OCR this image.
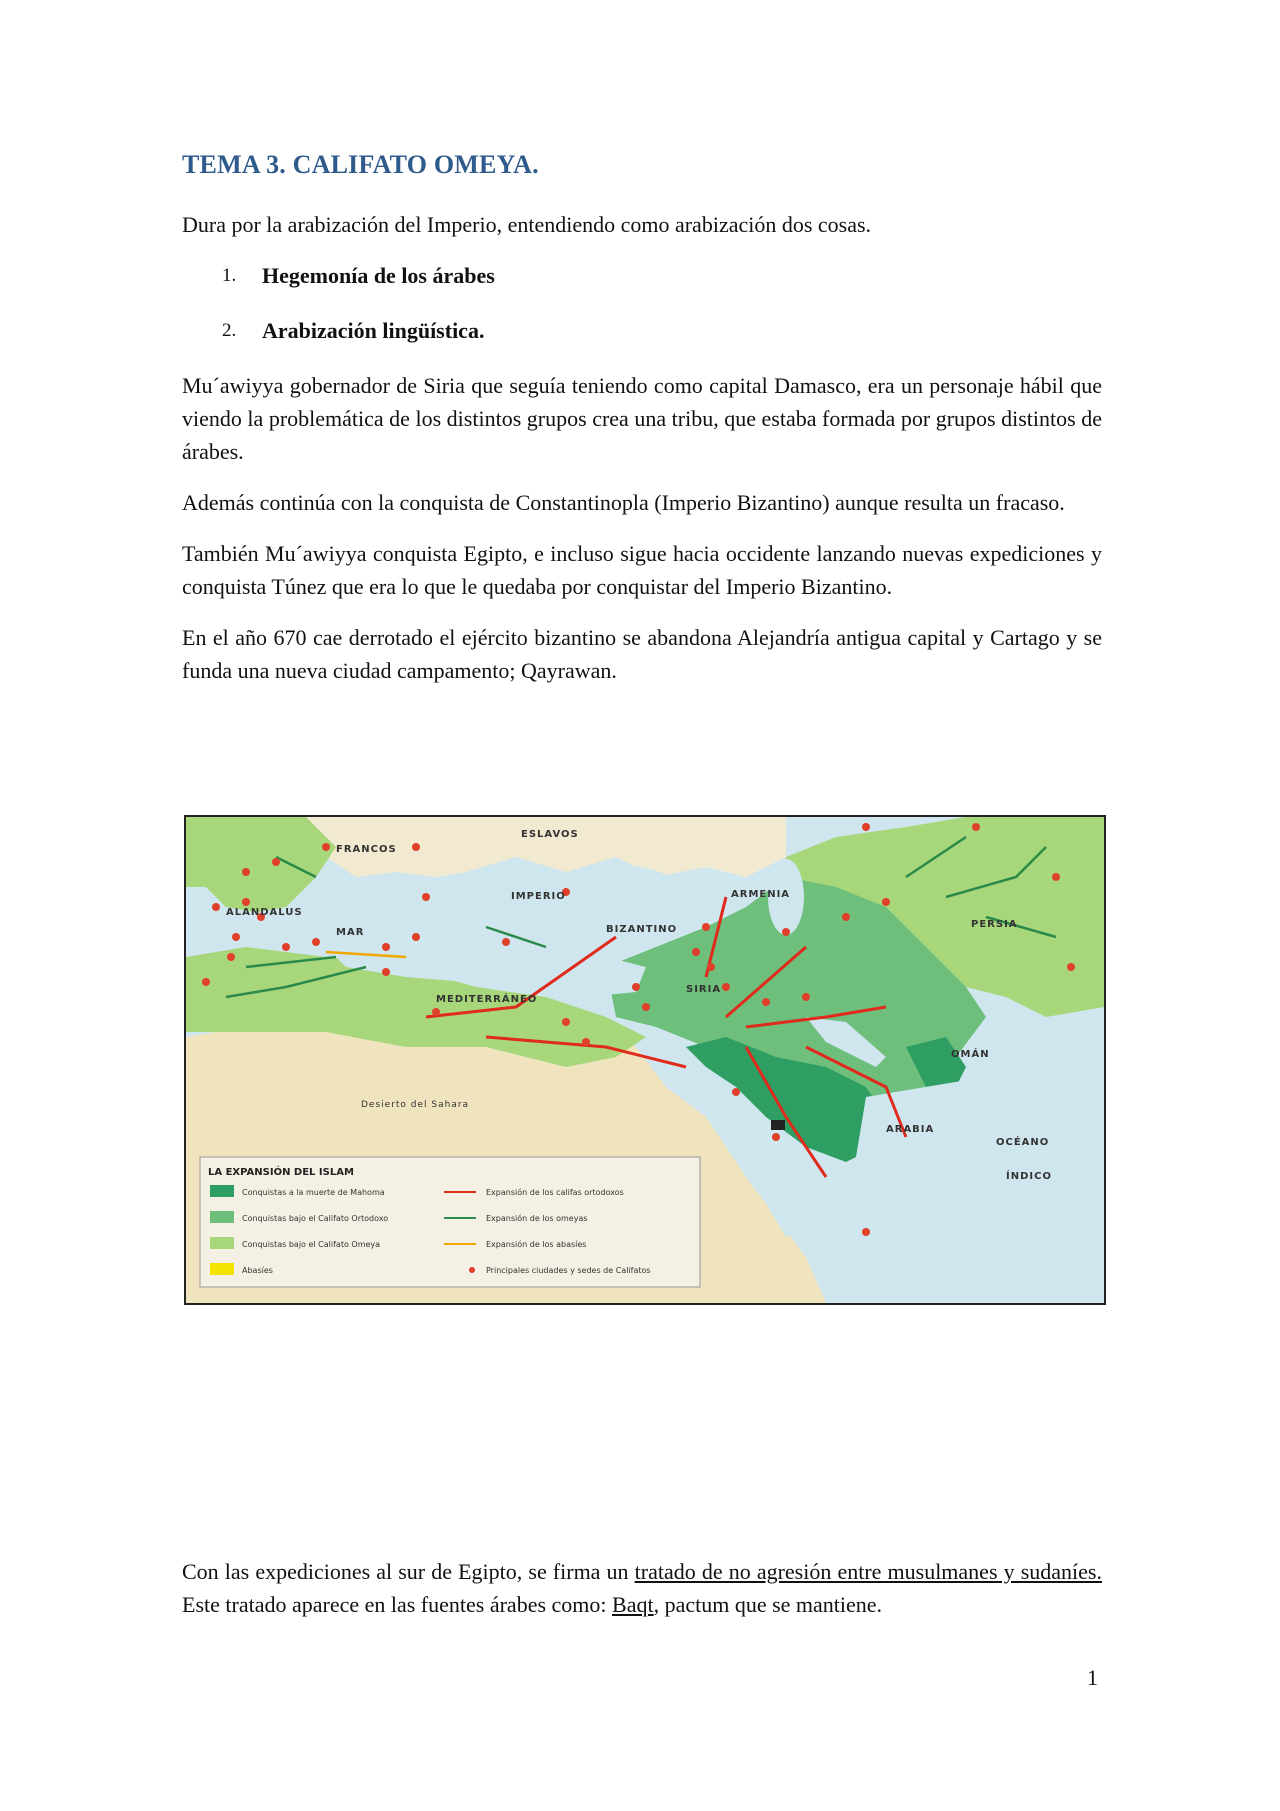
TEMA 3. CALIFATO OMEYA.

Dura por la arabización del Imperio, entendiendo como arabización dos cosas.

1.	Hegemonía de los árabes
2.	Arabización lingüística.

Mu´awiyya gobernador de Siria que seguía teniendo como capital Damasco, era un personaje hábil que viendo la problemática de los distintos grupos crea una tribu, que estaba formada por grupos distintos de árabes.

Además continúa con la conquista de Constantinopla (Imperio Bizantino) aunque resulta un fracaso.

También Mu´awiyya conquista Egipto, e incluso sigue hacia occidente lanzando nuevas expediciones y conquista Túnez que era lo que le quedaba por conquistar del Imperio Bizantino.

En el año 670 cae derrotado el ejército bizantino se abandona Alejandría antigua capital y Cartago y se funda una nueva ciudad campamento; Qayrawan.

FRANCOS
ESLAVOS
IMPERIO
BIZANTINO
ARMENIA
PERSIA
SIRIA
ARABIA
OMÁN
ALANDALUS
MAR
MEDITERRÁNEO
Desierto del Sahara
OCÉANO
ÍNDICO
LA EXPANSIÓN DEL ISLAM
Conquistas a la muerte de Mahoma
Conquistas bajo el Califato Ortodoxo
Conquistas bajo el Califato Omeya
Abasíes
Expansión de los califas ortodoxos
Expansión de los omeyas
Expansión de los abasíes
Principales ciudades y sedes de Califatos

Con las expediciones al sur de Egipto, se firma un tratado de no agresión entre musulmanes y sudaníes. Este tratado aparece en las fuentes árabes como: Baqt, pactum que se mantiene.

1
